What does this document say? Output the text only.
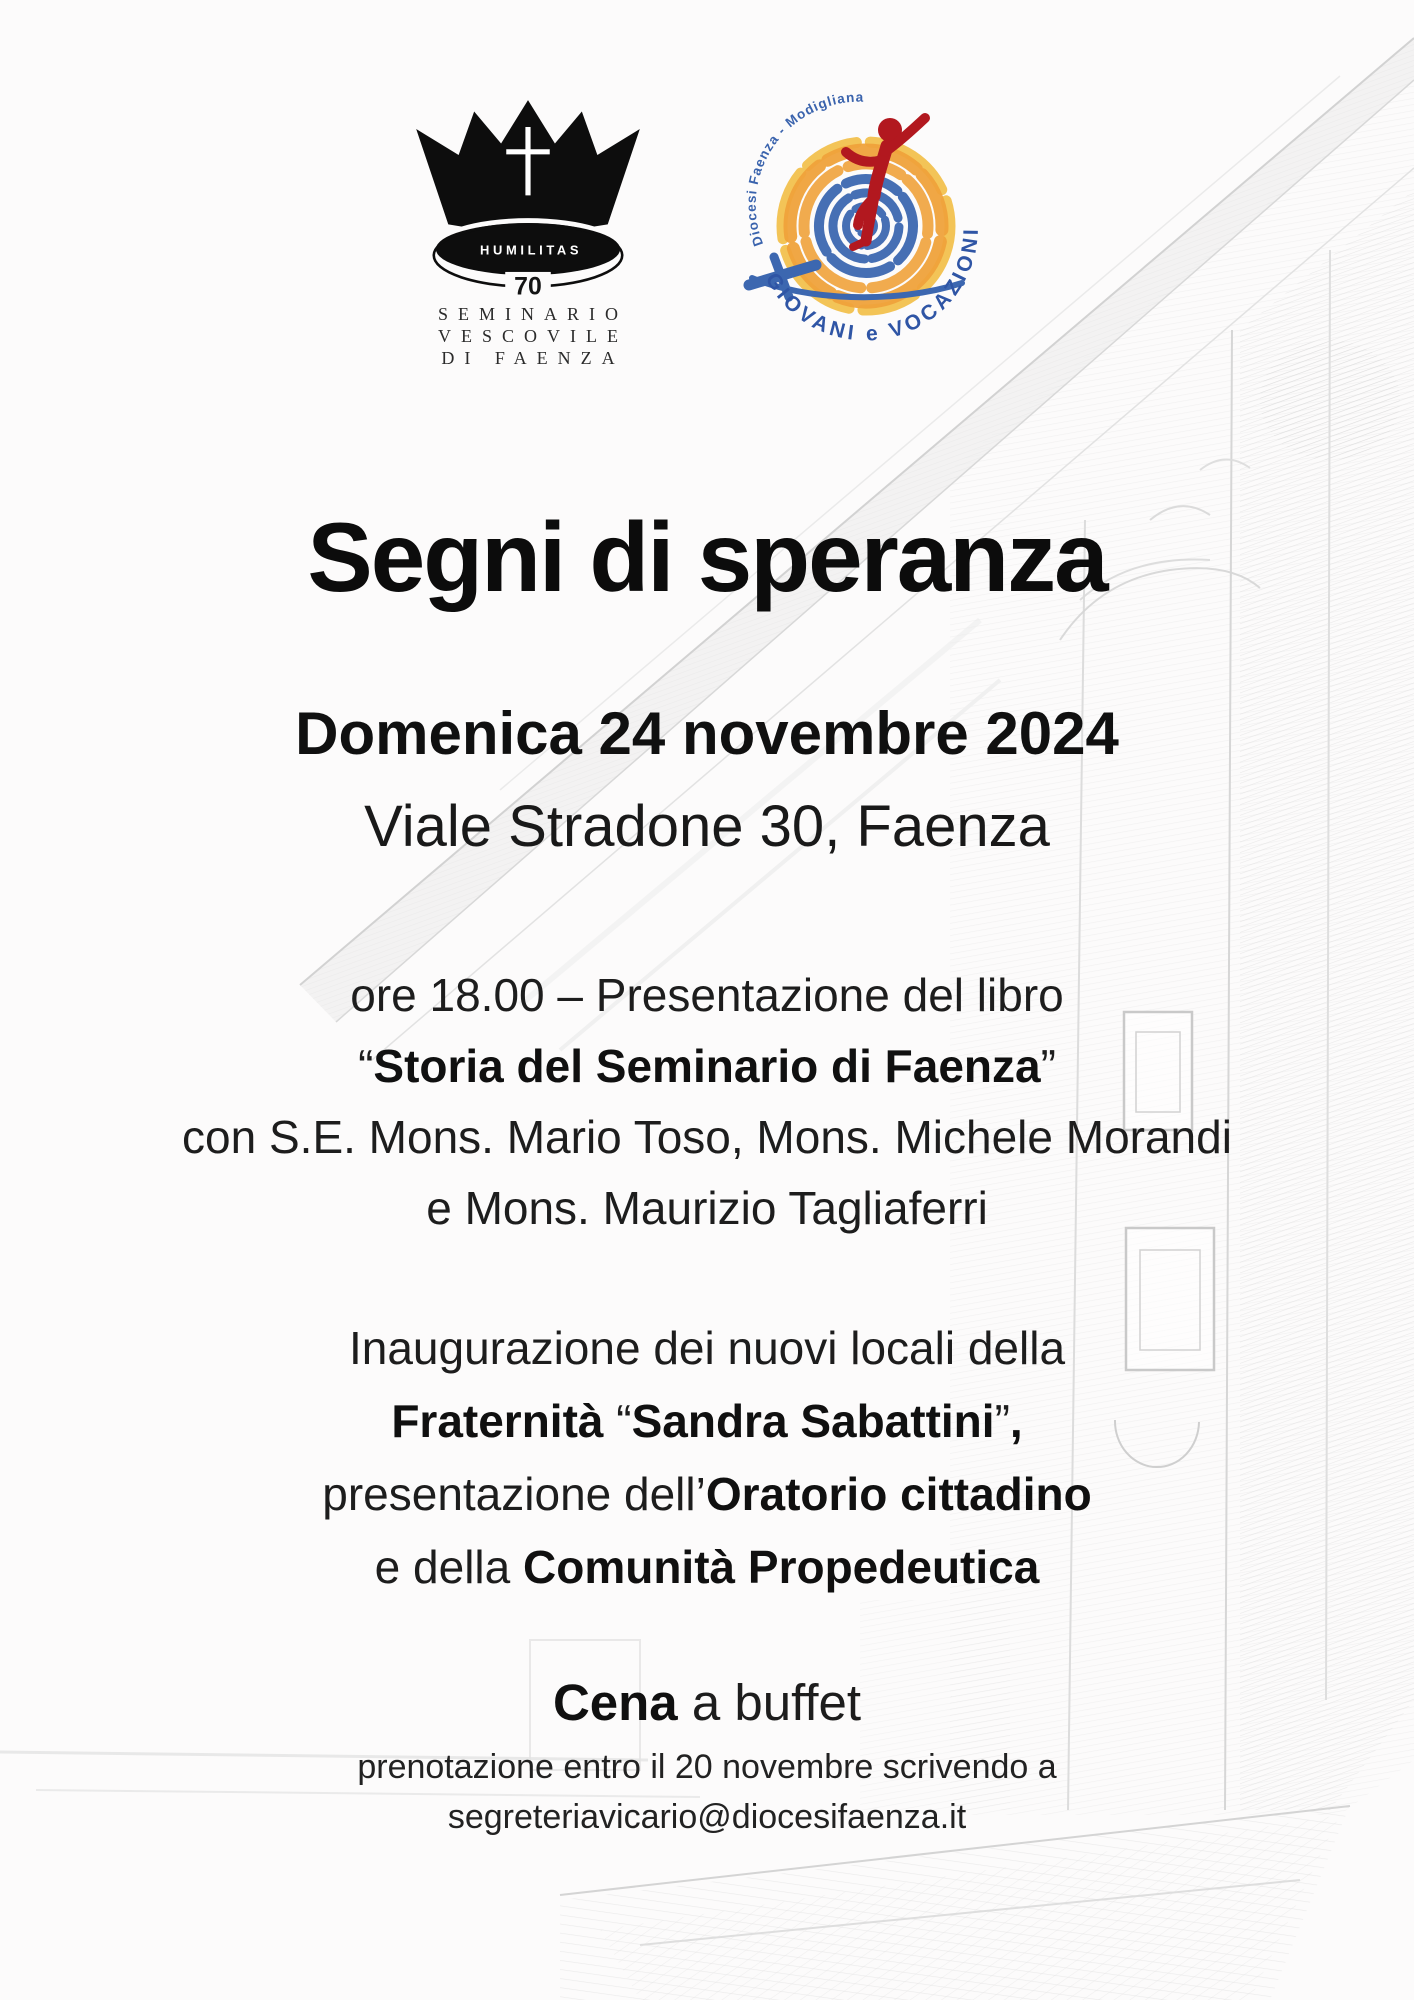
HUMILITAS
70
SEMINARIO
VESCOVILE
DI FAENZA
Diocesi Faenza - Modigliana
GIOVANI e VOCAZIONI
Segni di speranza

Domenica 24 novembre 2024

Viale Stradone 30, Faenza

ore 18.00 – Presentazione del libro

“Storia del Seminario di Faenza”

con S.E. Mons. Mario Toso, Mons. Michele Morandi

e Mons. Maurizio Tagliaferri

Inaugurazione dei nuovi locali della

Fraternità “Sandra Sabattini”,

presentazione dell’Oratorio cittadino

e della Comunità Propedeutica

Cena a buffet

prenotazione entro il 20 novembre scrivendo a

segreteriavicario@diocesifaenza.it
